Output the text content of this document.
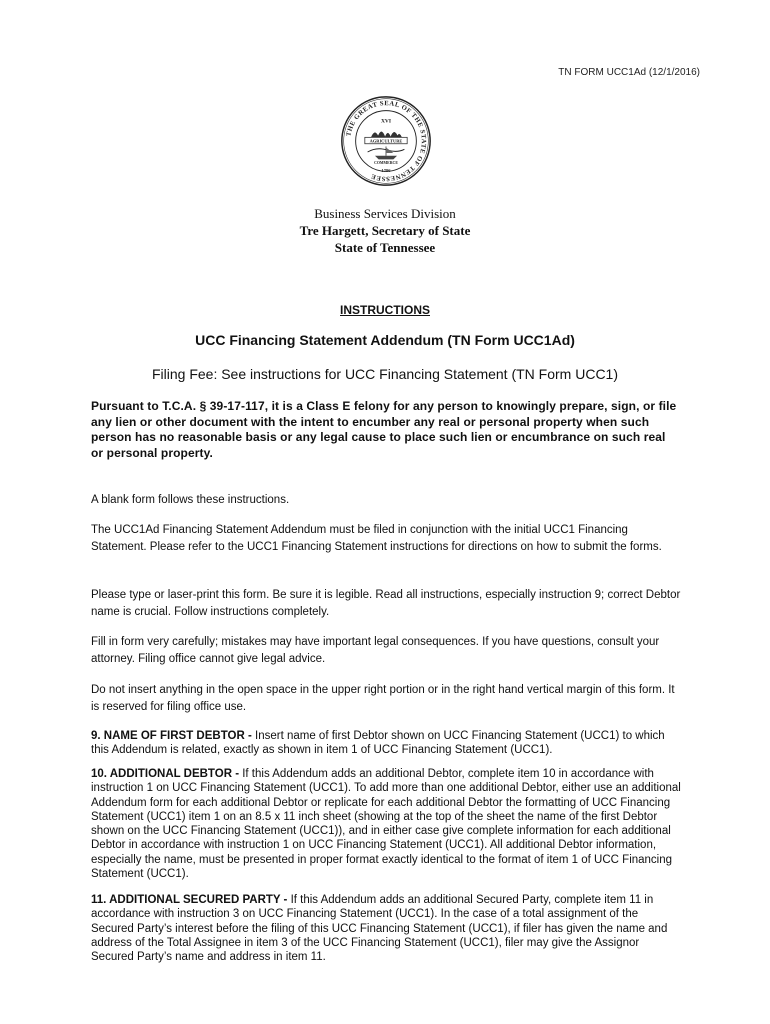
TN FORM UCC1Ad (12/1/2016)
THE GREAT SEAL OF THE STATE OF TENNESSEE
XVI
AGRICULTURE
COMMERCE
1796
Business Services Division
Tre Hargett, Secretary of State
State of Tennessee
INSTRUCTIONS
UCC Financing Statement Addendum (TN Form UCC1Ad)
Filing Fee: See instructions for UCC Financing Statement (TN Form UCC1)
Pursuant to T.C.A. § 39-17-117, it is a Class E felony for any person to knowingly prepare, sign, or file any lien or other document with the intent to encumber any real or personal property when such person has no reasonable basis or any legal cause to place such lien or encumbrance on such real or personal property.
A blank form follows these instructions.
The UCC1Ad Financing Statement Addendum must be filed in conjunction with the initial UCC1 Financing Statement. Please refer to the UCC1 Financing Statement instructions for directions on how to submit the forms.
Please type or laser-print this form. Be sure it is legible. Read all instructions, especially instruction 9; correct Debtor name is crucial. Follow instructions completely.
Fill in form very carefully; mistakes may have important legal consequences. If you have questions, consult your attorney. Filing office cannot give legal advice.
Do not insert anything in the open space in the upper right portion or in the right hand vertical margin of this form. It is reserved for filing office use.
9. NAME OF FIRST DEBTOR - Insert name of first Debtor shown on UCC Financing Statement (UCC1) to which this Addendum is related, exactly as shown in item 1 of UCC Financing Statement (UCC1).
10. ADDITIONAL DEBTOR - If this Addendum adds an additional Debtor, complete item 10 in accordance with instruction 1 on UCC Financing Statement (UCC1). To add more than one additional Debtor, either use an additional Addendum form for each additional Debtor or replicate for each additional Debtor the formatting of UCC Financing Statement (UCC1) item 1 on an 8.5 x 11 inch sheet (showing at the top of the sheet the name of the first Debtor shown on the UCC Financing Statement (UCC1)), and in either case give complete information for each additional Debtor in accordance with instruction 1 on UCC Financing Statement (UCC1). All additional Debtor information, especially the name, must be presented in proper format exactly identical to the format of item 1 of UCC Financing Statement (UCC1).
11. ADDITIONAL SECURED PARTY - If this Addendum adds an additional Secured Party, complete item 11 in accordance with instruction 3 on UCC Financing Statement (UCC1). In the case of a total assignment of the Secured Party’s interest before the filing of this UCC Financing Statement (UCC1), if filer has given the name and address of the Total Assignee in item 3 of the UCC Financing Statement (UCC1), filer may give the Assignor Secured Party’s name and address in item 11.
